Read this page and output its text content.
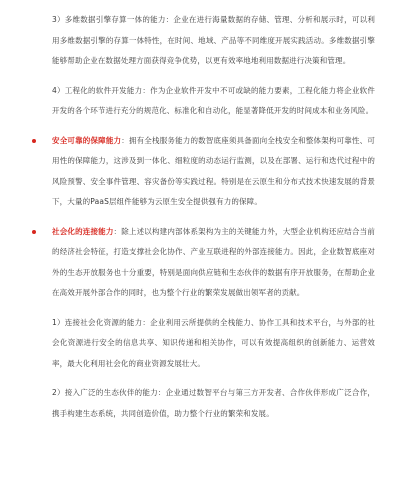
3）多维数据引擎存算一体的能力：企业在进行海量数据的存储、管理、分析和展示时，可以利用多维数据引擎的存算一体特性，在时间、地域、产品等不同维度开展实践活动。多维数据引擎能够帮助企业在数据处理方面获得竞争优势，以更有效率地地利用数据进行决策和管理。

4）工程化的软件开发能力：作为企业软件开发中不可或缺的能力要素，工程化能力将企业软件开发的各个环节进行充分的规范化、标准化和自动化，能显著降低开发的时间成本和业务风险。

安全可靠的保障能力：拥有全栈服务能力的数智底座须具备面向全栈安全和整体架构可靠性、可用性的保障能力，这涉及到一体化、细粒度的动态运行监测，以及在部署、运行和迭代过程中的风险预警、安全事件管理、容灾备份等实践过程。特别是在云原生和分布式技术快速发展的背景下，大量的PaaS层组件能够为云原生安全提供强有力的保障。

社会化的连接能力：除上述以构建内部体系架构为主的关键能力外，大型企业机构还应结合当前的经济社会特征，打造支撑社会化协作、产业互联进程的外部连接能力。因此，企业数智底座对外的生态开放服务也十分重要，特别是面向供应链和生态伙伴的数据有序开放服务，在帮助企业在高效开展外部合作的同时，也为整个行业的繁荣发展做出领军者的贡献。

1）连接社会化资源的能力：企业利用云所提供的全栈能力、协作工具和技术平台，与外部的社会化资源进行安全的信息共享、知识传递和相关协作，可以有效提高组织的创新能力、运营效率，最大化利用社会化的商业资源发展壮大。

2）接入广泛的生态伙伴的能力：企业通过数智平台与第三方开发者、合作伙伴形成广泛合作，携手构建生态系统，共同创造价值，助力整个行业的繁荣和发展。
